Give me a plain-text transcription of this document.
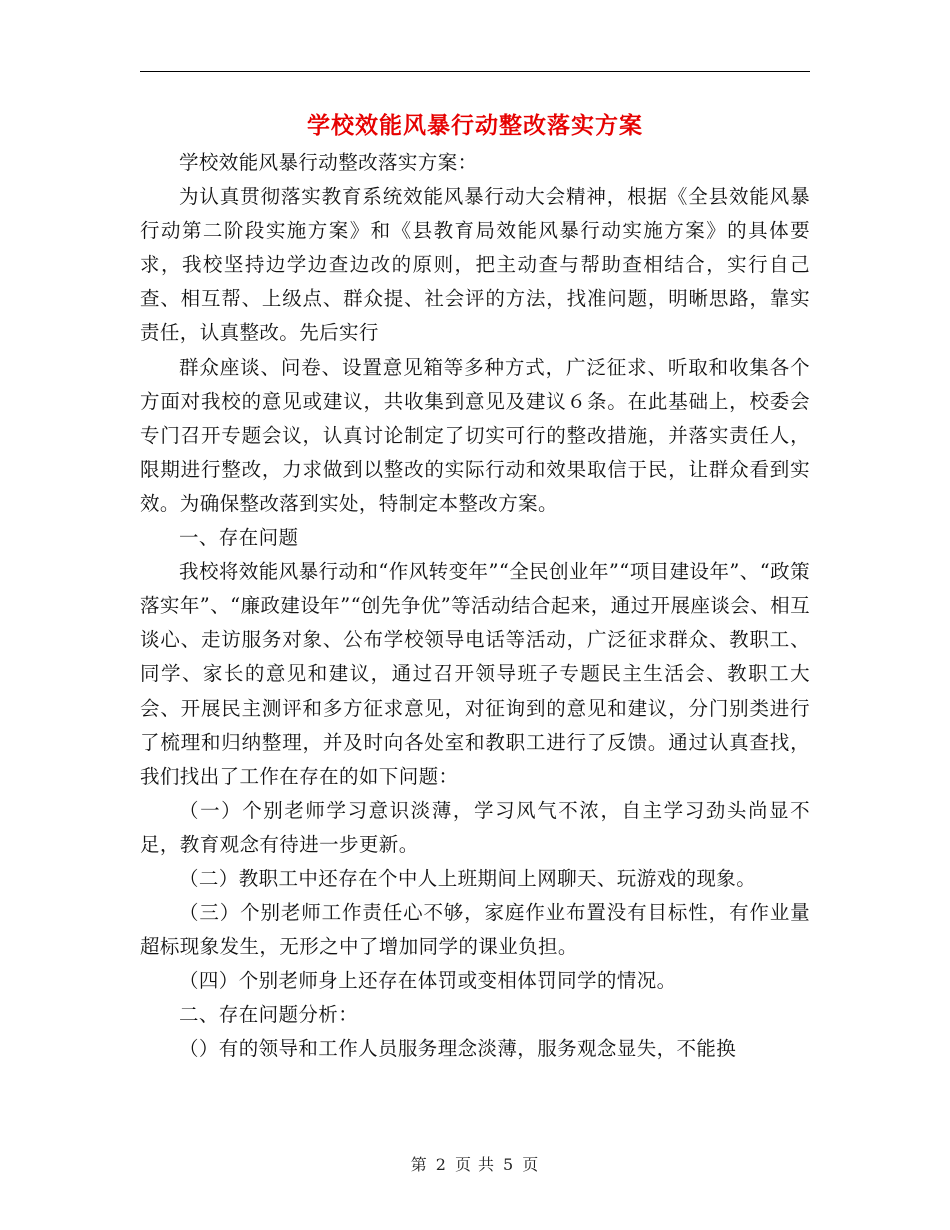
学校效能风暴行动整改落实方案

学校效能风暴行动整改落实方案：

为认真贯彻落实教育系统效能风暴行动大会精神，根据《全县效能风暴行动第二阶段实施方案》和《县教育局效能风暴行动实施方案》的具体要求，我校坚持边学边查边改的原则，把主动查与帮助查相结合，实行自己查、相互帮、上级点、群众提、社会评的方法，找准问题，明晰思路，靠实责任，认真整改。先后实行

群众座谈、问卷、设置意见箱等多种方式，广泛征求、听取和收集各个方面对我校的意见或建议，共收集到意见及建议６条。在此基础上，校委会专门召开专题会议，认真讨论制定了切实可行的整改措施，并落实责任人，限期进行整改，力求做到以整改的实际行动和效果取信于民，让群众看到实效。为确保整改落到实处，特制定本整改方案。

一、存在问题

我校将效能风暴行动和“作风转变年”“全民创业年”“项目建设年”、“政策落实年”、“廉政建设年”“创先争优”等活动结合起来，通过开展座谈会、相互谈心、走访服务对象、公布学校领导电话等活动，广泛征求群众、教职工、同学、家长的意见和建议，通过召开领导班子专题民主生活会、教职工大会、开展民主测评和多方征求意见，对征询到的意见和建议，分门别类进行了梳理和归纳整理，并及时向各处室和教职工进行了反馈。通过认真查找，我们找出了工作在存在的如下问题：

（一）个别老师学习意识淡薄，学习风气不浓，自主学习劲头尚显不足，教育观念有待进一步更新。

（二）教职工中还存在个中人上班期间上网聊天、玩游戏的现象。

（三）个别老师工作责任心不够，家庭作业布置没有目标性，有作业量超标现象发生，无形之中了增加同学的课业负担。

（四）个别老师身上还存在体罚或变相体罚同学的情况。

二、存在问题分析：

（）有的领导和工作人员服务理念淡薄，服务观念显失，不能换

第 2 页 共 5 页
